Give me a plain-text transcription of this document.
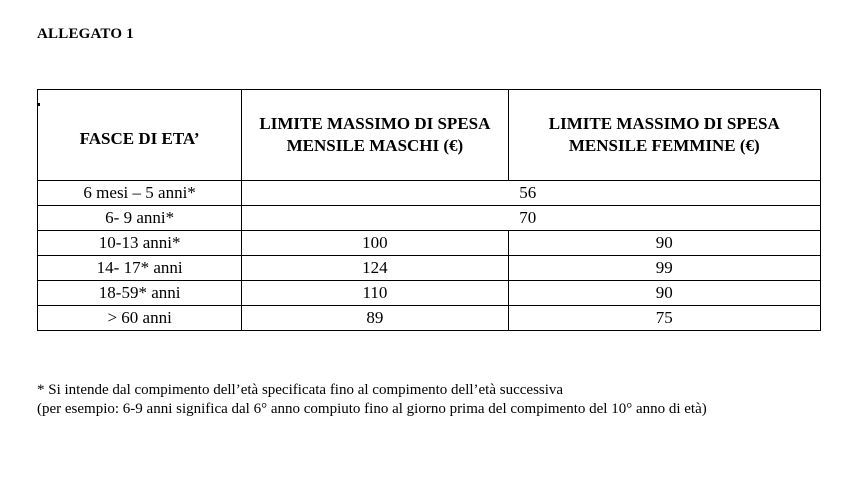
ALLEGATO 1
FASCE DI ETA’	LIMITE MASSIMO DI SPESA MENSILE MASCHI (€)	LIMITE MASSIMO DI SPESA MENSILE FEMMINE (€)
6 mesi – 5 anni*	56	
6- 9 anni*	70	
10-13 anni*	100	90
14- 17* anni	124	99
18-59* anni	110	90
> 60 anni	89	75

* Si intende dal compimento dell’età specificata fino al compimento dell’età successiva

(per esempio: 6-9 anni significa dal 6° anno compiuto fino al giorno prima del compimento del 10° anno di età)
